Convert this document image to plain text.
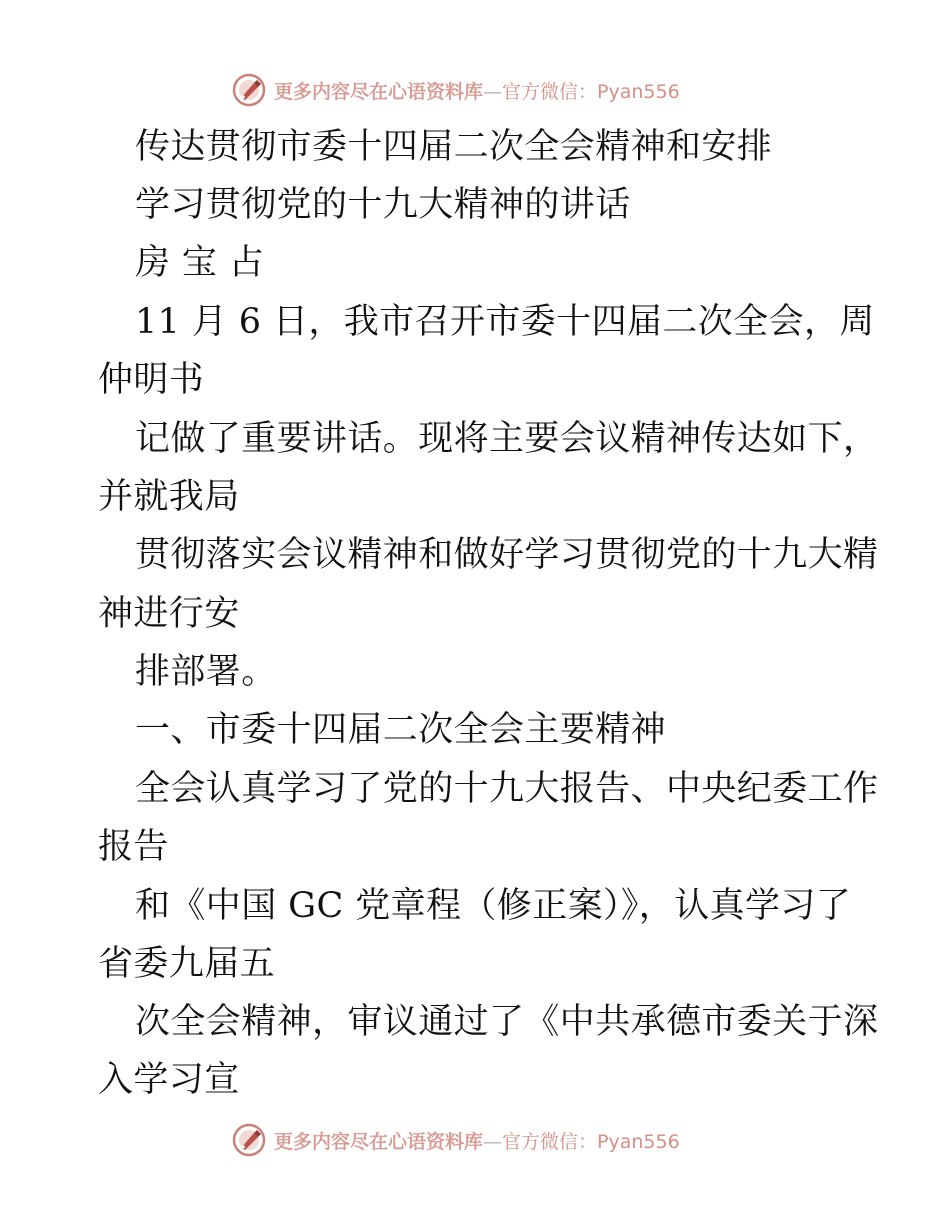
更多内容尽在心语资料库—官方微信：Pyan556
传达贯彻市委十四届二次全会精神和安排
学习贯彻党的十九大精神的讲话
房 宝 占
11 月 6 日，我市召开市委十四届二次全会，周
仲明书
记做了重要讲话。现将主要会议精神传达如下，
并就我局
贯彻落实会议精神和做好学习贯彻党的十九大精
神进行安
排部署。
一、市委十四届二次全会主要精神
全会认真学习了党的十九大报告、中央纪委工作
报告
和《中国 GC 党章程（修正案）》，认真学习了
省委九届五
次全会精神，审议通过了《中共承德市委关于深
入学习宣
更多内容尽在心语资料库—官方微信：Pyan556
